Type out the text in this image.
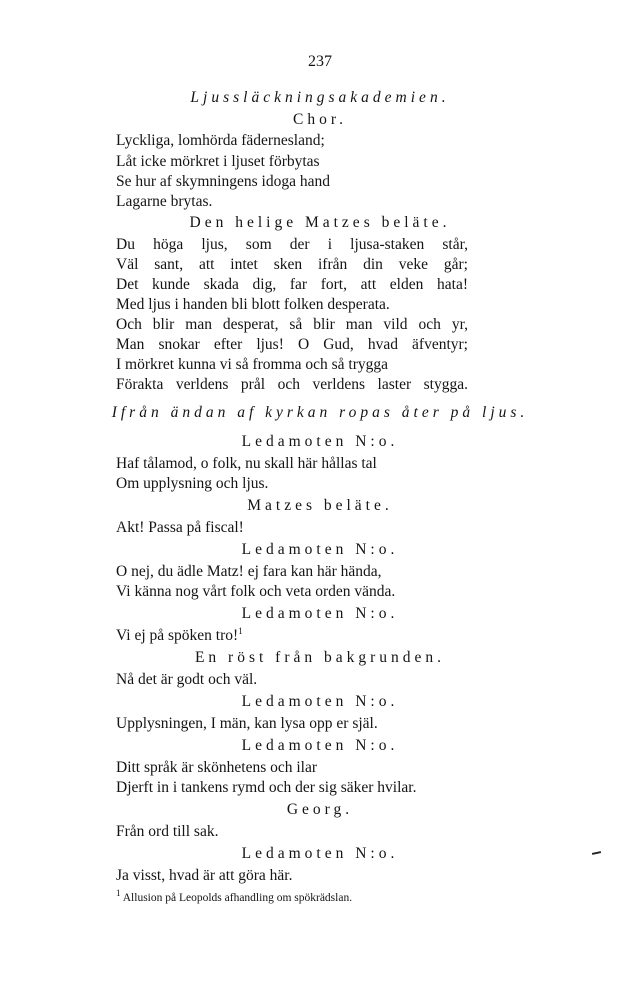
237
Ljussläckningsakademien.
Chor.
Lyckliga, lomhörda fädernesland;
Låt icke mörkret i ljuset förbytas
Se hur af skymningens idoga hand
Lagarne brytas.
Den helige Matzes beläte.
Du höga ljus, som der i ljusa-staken står,
Väl sant, att intet sken ifrån din veke går;
Det kunde skada dig, far fort, att elden hata!
Med ljus i handen bli blott folken desperata.
Och blir man desperat, så blir man vild och yr,
Man snokar efter ljus! O Gud, hvad äfventyr;
I mörkret kunna vi så fromma och så trygga
Förakta verldens prål och verldens laster stygga.
Ifrån ändan af kyrkan ropas åter på ljus.
Ledamoten N:o.
Haf tålamod, o folk, nu skall här hållas tal
Om upplysning och ljus.
Matzes beläte.
Akt! Passa på fiscal!
Ledamoten N:o.
O nej, du ädle Matz! ej fara kan här hända,
Vi känna nog vårt folk och veta orden vända.
Ledamoten N:o.
Vi ej på spöken tro!$^1$
En röst från bakgrunden.
Nå det är godt och väl.
Ledamoten N:o.
Upplysningen, I män, kan lysa opp er själ.
Ledamoten N:o.
Ditt språk är skönhetens och ilar
Djerft in i tankens rymd och der sig säker hvilar.
Georg.
Från ord till sak.
Ledamoten N:o.
Ja visst, hvad är att göra här.
$^1$ Allusion på Leopolds afhandling om spökrädslan.
